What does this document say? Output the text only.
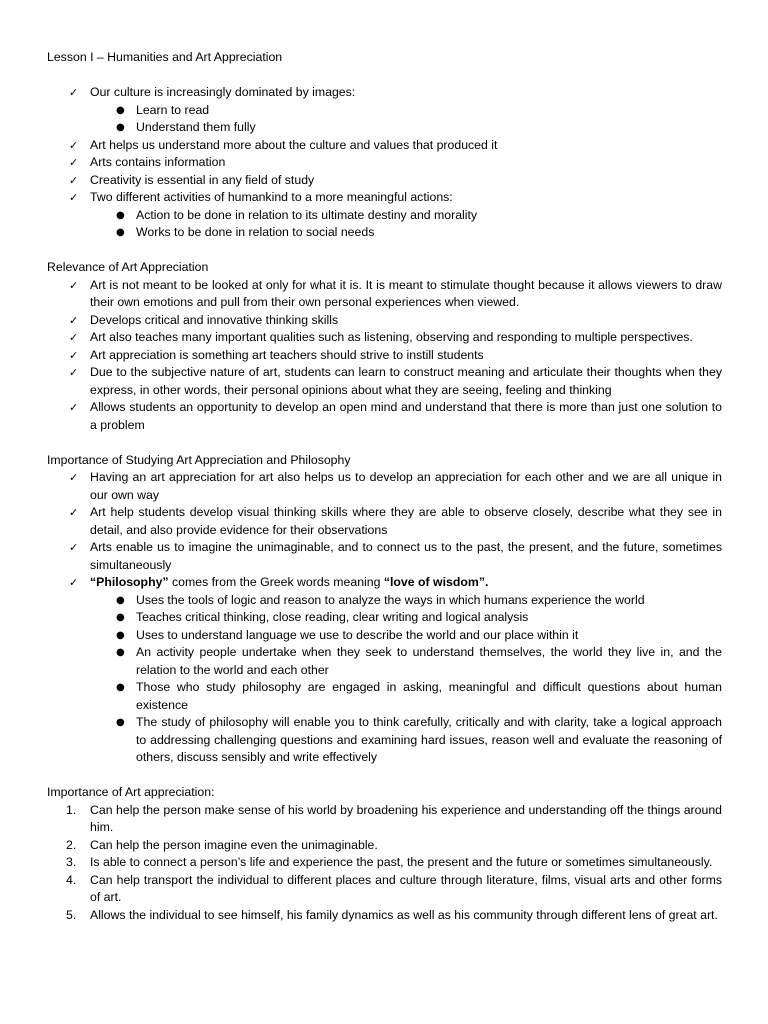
Lesson I – Humanities and Art Appreciation

✓ Our culture is increasingly dominated by images:
● Learn to read
● Understand them fully
✓ Art helps us understand more about the culture and values that produced it
✓ Arts contains information
✓ Creativity is essential in any field of study
✓ Two different activities of humankind to a more meaningful actions:
● Action to be done in relation to its ultimate destiny and morality
● Works to be done in relation to social needs

Relevance of Art Appreciation

✓ Art is not meant to be looked at only for what it is. It is meant to stimulate thought because it allows viewers to draw their own emotions and pull from their own personal experiences when viewed.
✓ Develops critical and innovative thinking skills
✓ Art also teaches many important qualities such as listening, observing and responding to multiple perspectives.
✓ Art appreciation is something art teachers should strive to instill students
✓ Due to the subjective nature of art, students can learn to construct meaning and articulate their thoughts when they express, in other words, their personal opinions about what they are seeing, feeling and thinking
✓ Allows students an opportunity to develop an open mind and understand that there is more than just one solution to a problem

Importance of Studying Art Appreciation and Philosophy

✓ Having an art appreciation for art also helps us to develop an appreciation for each other and we are all unique in our own way
✓ Art help students develop visual thinking skills where they are able to observe closely, describe what they see in detail, and also provide evidence for their observations
✓ Arts enable us to imagine the unimaginable, and to connect us to the past, the present, and the future, sometimes simultaneously
✓ “Philosophy” comes from the Greek words meaning “love of wisdom”.
● Uses the tools of logic and reason to analyze the ways in which humans experience the world
● Teaches critical thinking, close reading, clear writing and logical analysis
● Uses to understand language we use to describe the world and our place within it
● An activity people undertake when they seek to understand themselves, the world they live in, and the relation to the world and each other
● Those who study philosophy are engaged in asking, meaningful and difficult questions about human existence
● The study of philosophy will enable you to think carefully, critically and with clarity, take a logical approach to addressing challenging questions and examining hard issues, reason well and evaluate the reasoning of others, discuss sensibly and write effectively

Importance of Art appreciation:

1. Can help the person make sense of his world by broadening his experience and understanding off the things around him.
2. Can help the person imagine even the unimaginable.
3. Is able to connect a person’s life and experience the past, the present and the future or sometimes simultaneously.
4. Can help transport the individual to different places and culture through literature, films, visual arts and other forms of art.
5. Allows the individual to see himself, his family dynamics as well as his community through different lens of great art.
